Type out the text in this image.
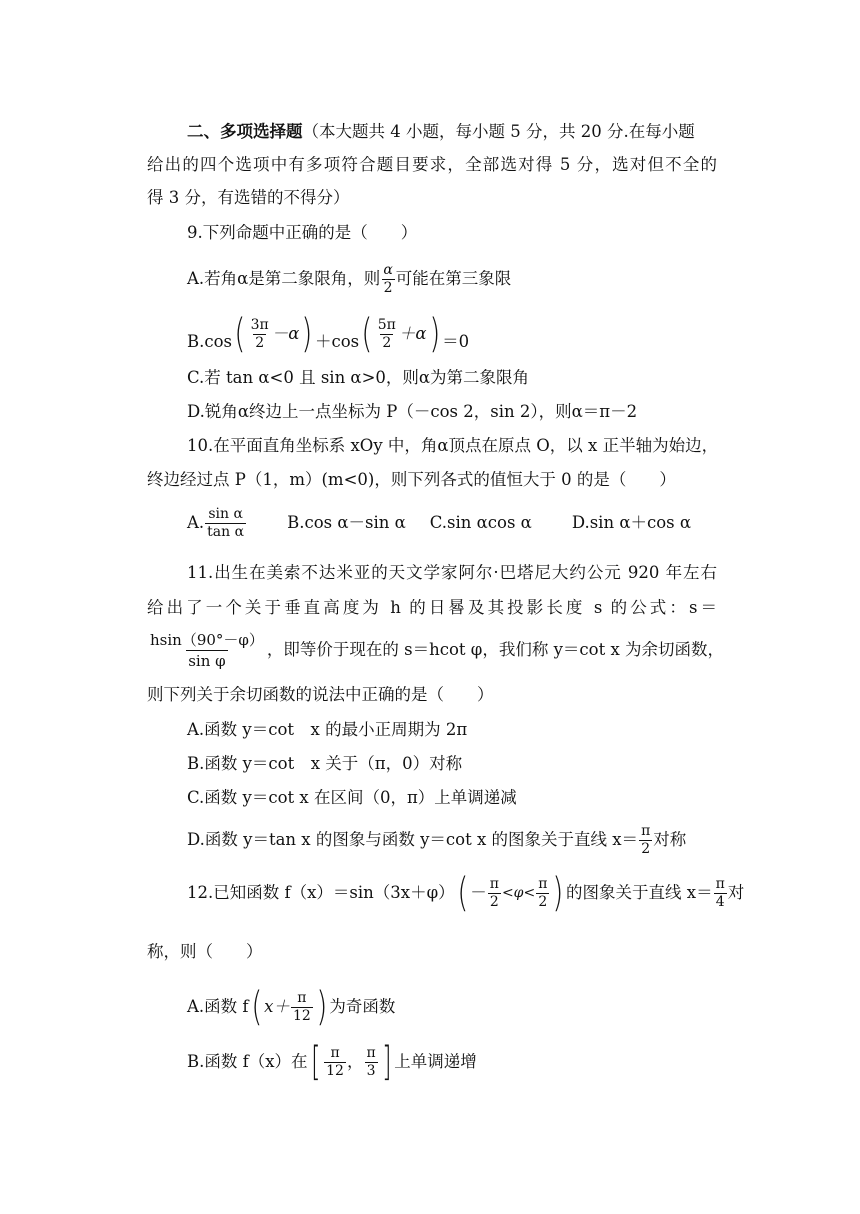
二、多项选择题（本大题共 4 小题，每小题 5 分，共 20 分.在每小题
给出的四个选项中有多项符合题目要求，全部选对得 5 分，选对但不全的
得 3 分，有选错的不得分）
9.下列命题中正确的是（　　）
A.若角α是第二象限角，则 $\frac{\alpha}{2}$ 可能在第三象限
B.cos ( $\frac{3\pi}{2} -\alpha$ ) ＋cos ( $\frac{5\pi}{2} +\alpha$ ) ＝0
C.若 tan α<0 且 sin α>0，则α为第二象限角
D.锐角α终边上一点坐标为 P（－cos 2，sin 2），则α＝π－2
10.在平面直角坐标系 xOy 中，角α顶点在原点 O，以 x 正半轴为始边，
终边经过点 P（1，m）(m<0)，则下列各式的值恒大于 0 的是（　　）
A. $\frac{\text{sin α}}{\text{tan α}} B.\cos$ α－sin α C.sin αcos α D.sin α＋cos α
11.出生在美索不达米亚的天文学家阿尔·巴塔尼大约公元 920 年左右
给出了一个关于垂直高度为 h 的日晷及其投影长度 s 的公式：s＝
$\frac{hsin(90^\circ-\varphi)}{\text{sin φ}}$ ，即等价于现在的 s＝hcot φ，我们称 y＝cot x 为余切函数，
则下列关于余切函数的说法中正确的是（　　）
A.函数 y＝cot　x 的最小正周期为 2π
B.函数 y＝cot　x 关于（π，0）对称
C.函数 y＝cot x 在区间（0，π）上单调递减
D.函数 y＝tan x 的图象与函数 y＝cot x 的图象关于直线 $x= \frac{\pi}{2}$ 对称
12.已知函数 f（x）＝sin（3x＋φ） ( － $\frac{\pi}{2} <\varphi< \frac{\pi}{2}$ ) 的图象关于直线 $x= \frac{\pi}{4}$ 对
称，则（　　）
A.函数 f ( $x+ \frac{\pi}{12}$ ) 为奇函数
B.函数 f（x）在 [ $\frac{\pi}{12}$ ， $\frac{\pi}{3}$ ] 上单调递增
